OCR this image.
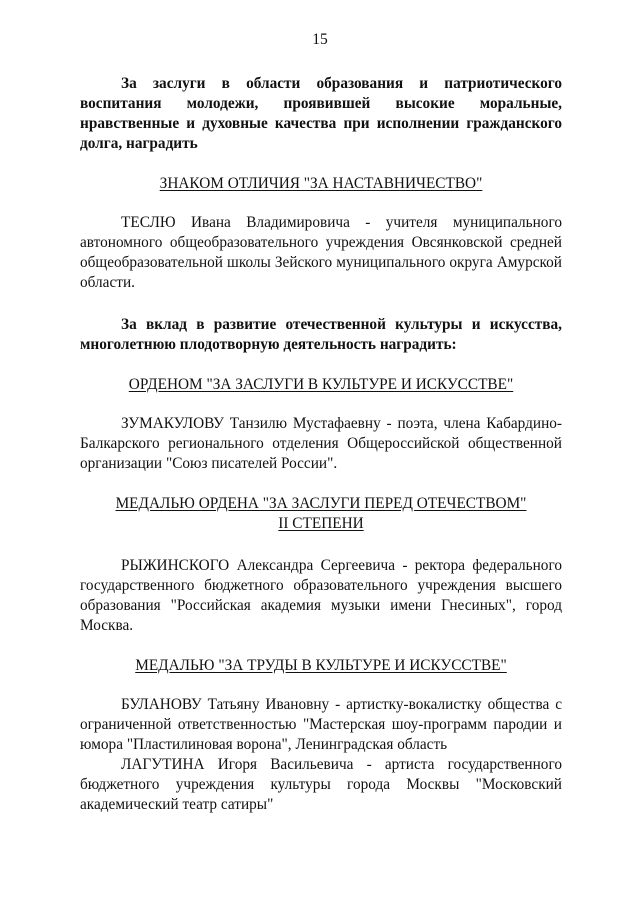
15

За заслуги в области образования и патриотического воспитания молодежи, проявившей высокие моральные, нравственные и духовные качества при исполнении гражданского долга, наградить

ЗНАКОМ ОТЛИЧИЯ "ЗА НАСТАВНИЧЕСТВО"

ТЕСЛЮ Ивана Владимировича - учителя муниципального автономного общеобразовательного учреждения Овсянковской средней общеобразовательной школы Зейского муниципального округа Амурской области.

За вклад в развитие отечественной культуры и искусства, многолетнюю плодотворную деятельность наградить:

ОРДЕНОМ "ЗА ЗАСЛУГИ В КУЛЬТУРЕ И ИСКУССТВЕ"

ЗУМАКУЛОВУ Танзилю Мустафаевну - поэта, члена Кабардино-Балкарского регионального отделения Общероссийской общественной организации "Союз писателей России".

МЕДАЛЬЮ ОРДЕНА "ЗА ЗАСЛУГИ ПЕРЕД ОТЕЧЕСТВОМ"

II СТЕПЕНИ

РЫЖИНСКОГО Александра Сергеевича - ректора федерального государственного бюджетного образовательного учреждения высшего образования "Российская академия музыки имени Гнесиных", город Москва.

МЕДАЛЬЮ "ЗА ТРУДЫ В КУЛЬТУРЕ И ИСКУССТВЕ"

БУЛАНОВУ Татьяну Ивановну - артистку-вокалистку общества с ограниченной ответственностью "Мастерская шоу-программ пародии и юмора "Пластилиновая ворона", Ленинградская область

ЛАГУТИНА Игоря Васильевича - артиста государственного бюджетного учреждения культуры города Москвы "Московский академический театр сатиры"
